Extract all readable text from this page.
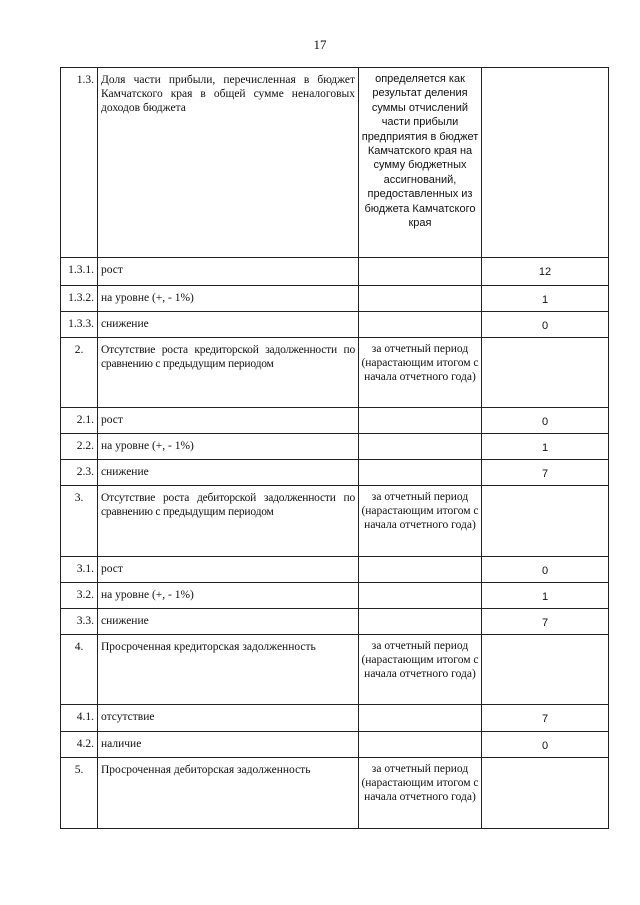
17
1.3.	Доля части прибыли, перечисленная в бюджет Камчатского края в общей сумме неналоговых доходов бюджета	определяется как результат деления суммы отчислений части прибыли предприятия в бюджет Камчатского края на сумму бюджетных ассигнований, предоставленных из бюджета Камчатского края	
1.3.1.	рост		12
1.3.2.	на уровне (+, - 1%)		1
1.3.3.	снижение		0
2.	Отсутствие роста кредиторской задолженности по сравнению с предыдущим периодом	за отчетный период (нарастающим итогом с начала отчетного года)	
2.1.	рост		0
2.2.	на уровне (+, - 1%)		1
2.3.	снижение		7
3.	Отсутствие роста дебиторской задолженности по сравнению с предыдущим периодом	за отчетный период (нарастающим итогом с начала отчетного года)	
3.1.	рост		0
3.2.	на уровне (+, - 1%)		1
3.3.	снижение		7
4.	Просроченная кредиторская задолженность	за отчетный период (нарастающим итогом с начала отчетного года)	
4.1.	отсутствие		7
4.2.	наличие		0
5.	Просроченная дебиторская задолженность	за отчетный период (нарастающим итогом с начала отчетного года)	
